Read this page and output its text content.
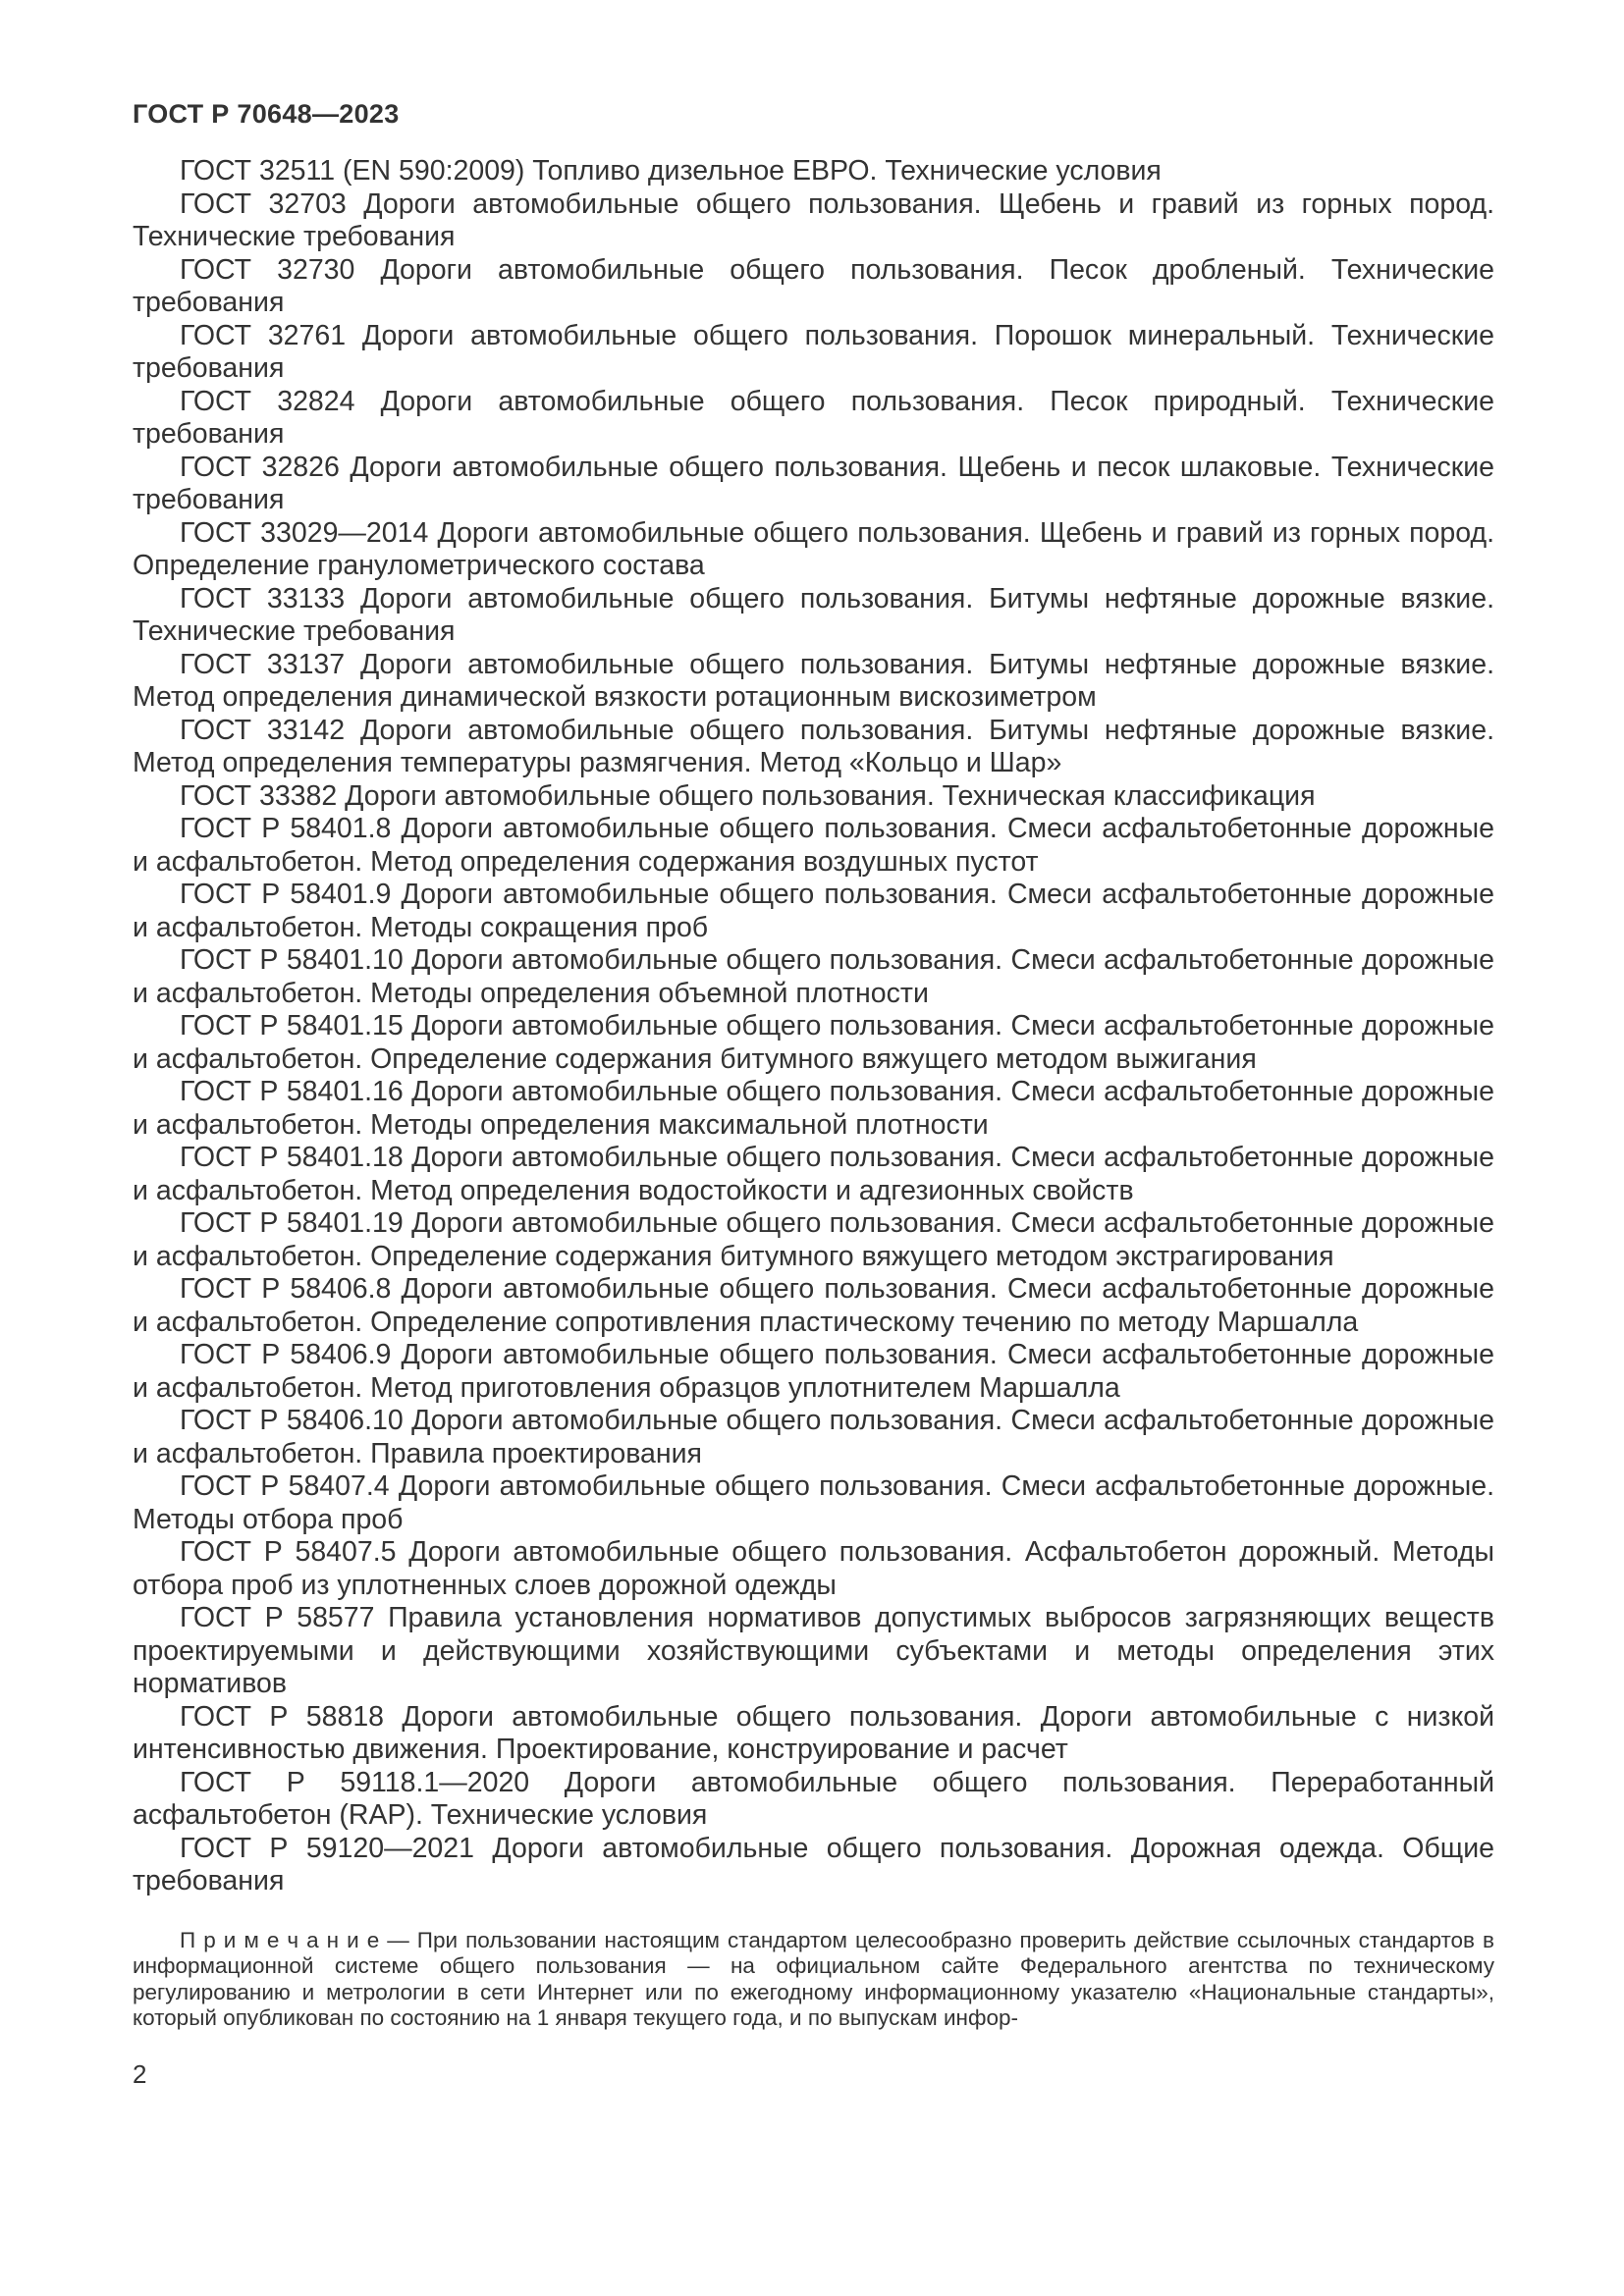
ГОСТ Р 70648—2023

ГОСТ 32511 (EN 590:2009) Топливо дизельное ЕВРО. Технические условия

ГОСТ 32703 Дороги автомобильные общего пользования. Щебень и гравий из горных пород. Технические требования

ГОСТ 32730 Дороги автомобильные общего пользования. Песок дробленый. Технические требования

ГОСТ 32761 Дороги автомобильные общего пользования. Порошок минеральный. Технические требования

ГОСТ 32824 Дороги автомобильные общего пользования. Песок природный. Технические требования

ГОСТ 32826 Дороги автомобильные общего пользования. Щебень и песок шлаковые. Технические требования

ГОСТ 33029—2014 Дороги автомобильные общего пользования. Щебень и гравий из горных пород. Определение гранулометрического состава

ГОСТ 33133 Дороги автомобильные общего пользования. Битумы нефтяные дорожные вязкие. Технические требования

ГОСТ 33137 Дороги автомобильные общего пользования. Битумы нефтяные дорожные вязкие. Метод определения динамической вязкости ротационным вискозиметром

ГОСТ 33142 Дороги автомобильные общего пользования. Битумы нефтяные дорожные вязкие. Метод определения температуры размягчения. Метод «Кольцо и Шар»

ГОСТ 33382 Дороги автомобильные общего пользования. Техническая классификация

ГОСТ Р 58401.8 Дороги автомобильные общего пользования. Смеси асфальтобетонные дорожные и асфальтобетон. Метод определения содержания воздушных пустот

ГОСТ Р 58401.9 Дороги автомобильные общего пользования. Смеси асфальтобетонные дорожные и асфальтобетон. Методы сокращения проб

ГОСТ Р 58401.10 Дороги автомобильные общего пользования. Смеси асфальтобетонные дорожные и асфальтобетон. Методы определения объемной плотности

ГОСТ Р 58401.15 Дороги автомобильные общего пользования. Смеси асфальтобетонные дорожные и асфальтобетон. Определение содержания битумного вяжущего методом выжигания

ГОСТ Р 58401.16 Дороги автомобильные общего пользования. Смеси асфальтобетонные дорожные и асфальтобетон. Методы определения максимальной плотности

ГОСТ Р 58401.18 Дороги автомобильные общего пользования. Смеси асфальтобетонные дорожные и асфальтобетон. Метод определения водостойкости и адгезионных свойств

ГОСТ Р 58401.19 Дороги автомобильные общего пользования. Смеси асфальтобетонные дорожные и асфальтобетон. Определение содержания битумного вяжущего методом экстрагирования

ГОСТ Р 58406.8 Дороги автомобильные общего пользования. Смеси асфальтобетонные дорожные и асфальтобетон. Определение сопротивления пластическому течению по методу Маршалла

ГОСТ Р 58406.9 Дороги автомобильные общего пользования. Смеси асфальтобетонные дорожные и асфальтобетон. Метод приготовления образцов уплотнителем Маршалла

ГОСТ Р 58406.10 Дороги автомобильные общего пользования. Смеси асфальтобетонные дорожные и асфальтобетон. Правила проектирования

ГОСТ Р 58407.4 Дороги автомобильные общего пользования. Смеси асфальтобетонные дорожные. Методы отбора проб

ГОСТ Р 58407.5 Дороги автомобильные общего пользования. Асфальтобетон дорожный. Методы отбора проб из уплотненных слоев дорожной одежды

ГОСТ Р 58577 Правила установления нормативов допустимых выбросов загрязняющих веществ проектируемыми и действующими хозяйствующими субъектами и методы определения этих нормативов

ГОСТ Р 58818 Дороги автомобильные общего пользования. Дороги автомобильные с низкой интенсивностью движения. Проектирование, конструирование и расчет

ГОСТ Р 59118.1—2020 Дороги автомобильные общего пользования. Переработанный асфальтобетон (RAP). Технические условия

ГОСТ Р 59120—2021 Дороги автомобильные общего пользования. Дорожная одежда. Общие требования

П р и м е ч а н и е — При пользовании настоящим стандартом целесообразно проверить действие ссылочных стандартов в информационной системе общего пользования — на официальном сайте Федерального агентства по техническому регулированию и метрологии в сети Интернет или по ежегодному информационному указателю «Национальные стандарты», который опубликован по состоянию на 1 января текущего года, и по выпускам инфор-

2
